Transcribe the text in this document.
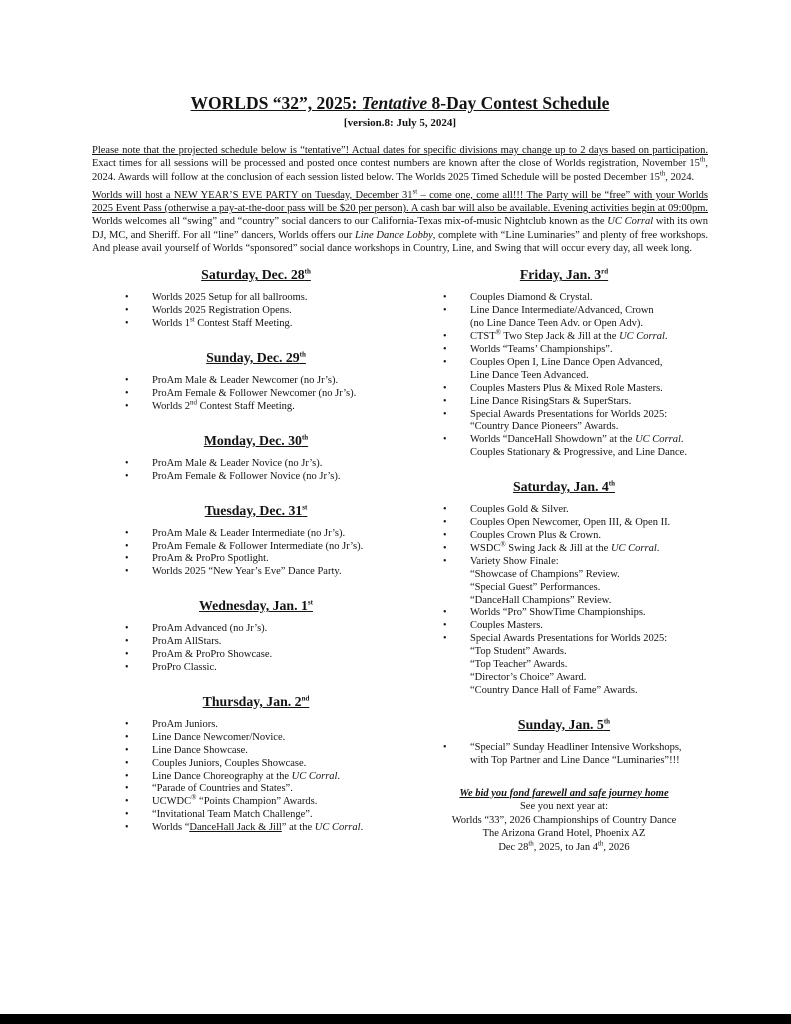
WORLDS “32”, 2025: Tentative 8-Day Contest Schedule
[version.8: July 5, 2024]

Please note that the projected schedule below is “tentative”! Actual dates for specific divisions may change up to 2 days based on participation. Exact times for all sessions will be processed and posted once contest numbers are known after the close of Worlds registration, November 15th, 2024. Awards will follow at the conclusion of each session listed below. The Worlds 2025 Timed Schedule will be posted December 15th, 2024.

Worlds will host a NEW YEAR’S EVE PARTY on Tuesday, December 31st – come one, come all!!! The Party will be “free” with your Worlds 2025 Event Pass (otherwise a pay-at-the-door pass will be $20 per person). A cash bar will also be available. Evening activities begin at 09:00pm. Worlds welcomes all “swing” and “country” social dancers to our California-Texas mix-of-music Nightclub known as the UC Corral with its own DJ, MC, and Sheriff. For all “line” dancers, Worlds offers our Line Dance Lobby, complete with “Line Luminaries” and plenty of free workshops. And please avail yourself of Worlds “sponsored” social dance workshops in Country, Line, and Swing that will occur every day, all week long.

Saturday, Dec. 28th
•	Worlds 2025 Setup for all ballrooms.
•	Worlds 2025 Registration Opens.
•	Worlds 1st Contest Staff Meeting.
Sunday, Dec. 29th
•	ProAm Male & Leader Newcomer (no Jr’s).
•	ProAm Female & Follower Newcomer (no Jr’s).
•	Worlds 2nd Contest Staff Meeting.
Monday, Dec. 30th
•	ProAm Male & Leader Novice (no Jr’s).
•	ProAm Female & Follower Novice (no Jr’s).
Tuesday, Dec. 31st
•	ProAm Male & Leader Intermediate (no Jr’s).
•	ProAm Female & Follower Intermediate (no Jr’s).
•	ProAm & ProPro Spotlight.
•	Worlds 2025 “New Year’s Eve” Dance Party.
Wednesday, Jan. 1st
•	ProAm Advanced (no Jr’s).
•	ProAm AllStars.
•	ProAm & ProPro Showcase.
•	ProPro Classic.
Thursday, Jan. 2nd
•	ProAm Juniors.
•	Line Dance Newcomer/Novice.
•	Line Dance Showcase.
•	Couples Juniors, Couples Showcase.
•	Line Dance Choreography at the UC Corral.
•	“Parade of Countries and States”.
•	UCWDC® “Points Champion” Awards.
•	“Invitational Team Match Challenge”.
•	Worlds “DanceHall Jack & Jill” at the UC Corral.
Friday, Jan. 3rd
•	Couples Diamond & Crystal.
•	Line Dance Intermediate/Advanced, Crown
(no Line Dance Teen Adv. or Open Adv).
•	CTST® Two Step Jack & Jill at the UC Corral.
•	Worlds “Teams’ Championships”.
•	Couples Open I, Line Dance Open Advanced,
Line Dance Teen Advanced.
•	Couples Masters Plus & Mixed Role Masters.
•	Line Dance RisingStars & SuperStars.
•	Special Awards Presentations for Worlds 2025:
“Country Dance Pioneers” Awards.
•	Worlds “DanceHall Showdown” at the UC Corral.
Couples Stationary & Progressive, and Line Dance.
Saturday, Jan. 4th
•	Couples Gold & Silver.
•	Couples Open Newcomer, Open III, & Open II.
•	Couples Crown Plus & Crown.
•	WSDC® Swing Jack & Jill at the UC Corral.
•	Variety Show Finale:
“Showcase of Champions” Review.
“Special Guest” Performances.
“DanceHall Champions” Review.
•	Worlds “Pro” ShowTime Championships.
•	Couples Masters.
•	Special Awards Presentations for Worlds 2025:
“Top Student” Awards.
“Top Teacher” Awards.
“Director’s Choice” Award.
“Country Dance Hall of Fame” Awards.
Sunday, Jan. 5th
•	“Special” Sunday Headliner Intensive Workshops,
with Top Partner and Line Dance “Luminaries”!!!
We bid you fond farewell and safe journey home
See you next year at:
Worlds “33”, 2026 Championships of Country Dance
The Arizona Grand Hotel, Phoenix AZ
Dec 28th, 2025, to Jan 4th, 2026
